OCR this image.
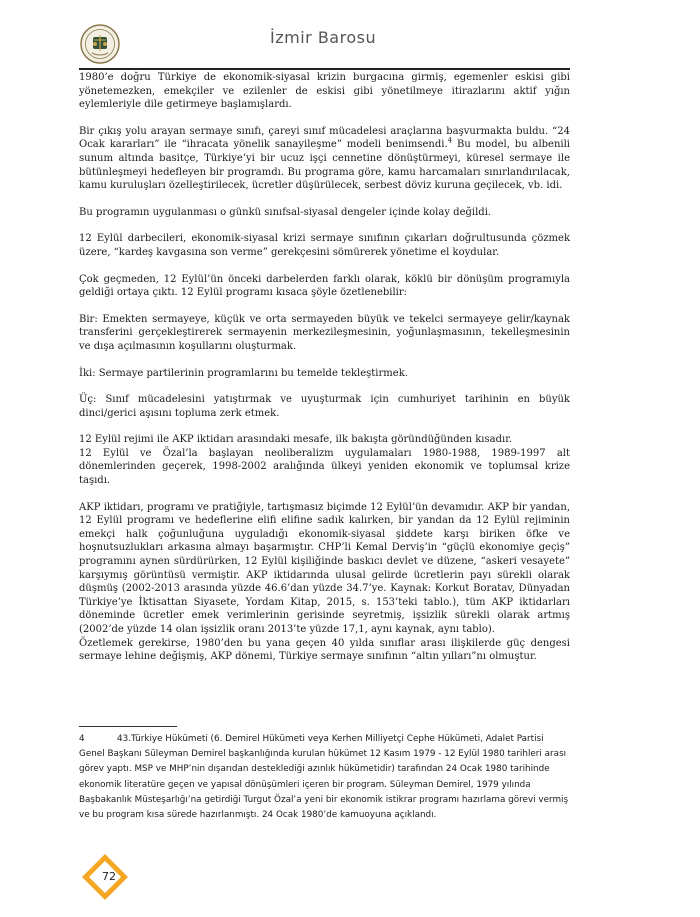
İzmir Barosu

1980’e doğru Türkiye de ekonomik-siyasal krizin burgacına girmiş, egemenler eskisi gibi yönetemezken, emekçiler ve ezilenler de eskisi gibi yönetilmeye itirazlarını aktif yığın eylemleriyle dile getirmeye başlamışlardı.

Bir çıkış yolu arayan sermaye sınıfı, çareyi sınıf mücadelesi araçlarına başvurmakta buldu. “24 Ocak kararları” ile “ihracata yönelik sanayileşme” modeli benimsendi.$^4$ Bu model, bu albenili sunum altında basitçe, Türkiye’yi bir ucuz işçi cennetine dönüştürmeyi, küresel sermaye ile bütünleşmeyi hedefleyen bir programdı. Bu programa göre, kamu harcamaları sınırlandırılacak, kamu kuruluşları özelleştirilecek, ücretler düşürülecek, serbest döviz kuruna geçilecek, vb. idi.

Bu programın uygulanması o günkü sınıfsal-siyasal dengeler içinde kolay değildi.

12 Eylül darbecileri, ekonomik-siyasal krizi sermaye sınıfının çıkarları doğrultusunda çözmek üzere, “kardeş kavgasına son verme” gerekçesini sömürerek yönetime el koydular.

Çok geçmeden, 12 Eylül’ün önceki darbelerden farklı olarak, köklü bir dönüşüm programıyla geldiği ortaya çıktı. 12 Eylül programı kısaca şöyle özetlenebilir:

Bir: Emekten sermayeye, küçük ve orta sermayeden büyük ve tekelci sermayeye gelir/kaynak transferini gerçekleştirerek sermayenin merkezileşmesinin, yoğunlaşmasının, tekelleşmesinin ve dışa açılmasının koşullarını oluşturmak.

İki: Sermaye partilerinin programlarını bu temelde tekleştirmek.

Üç: Sınıf mücadelesini yatıştırmak ve uyuşturmak için cumhuriyet tarihinin en büyük dinci/gerici aşısını topluma zerk etmek.

12 Eylül rejimi ile AKP iktidarı arasındaki mesafe, ilk bakışta göründüğünden kısadır.

12 Eylül ve Özal’la başlayan neoliberalizm uygulamaları 1980-1988, 1989-1997 alt dönemlerinden geçerek, 1998-2002 aralığında ülkeyi yeniden ekonomik ve toplumsal krize taşıdı.

AKP iktidarı, programı ve pratiğiyle, tartışmasız biçimde 12 Eylül’ün devamıdır. AKP bir yandan, 12 Eylül programı ve hedeflerine elifi elifine sadık kalırken, bir yandan da 12 Eylül rejiminin emekçi halk çoğunluğuna uyguladığı ekonomik-siyasal şiddete karşı biriken öfke ve hoşnutsuzlukları arkasına almayı başarmıştır. CHP’li Kemal Derviş’in “güçlü ekonomiye geçiş” programını aynen sürdürürken, 12 Eylül kişiliğinde baskıcı devlet ve düzene, “askeri vesayete” karşıymış görüntüsü vermiştir. AKP iktidarında ulusal gelirde ücretlerin payı sürekli olarak düşmüş (2002-2013 arasında yüzde 46.6’dan yüzde 34.7’ye. Kaynak: Korkut Boratav, Dünyadan Türkiye’ye İktisattan Siyasete, Yordam Kitap, 2015, s. 153’teki tablo.), tüm AKP iktidarları döneminde ücretler emek verimlerinin gerisinde seyretmiş, işsizlik sürekli olarak artmış (2002’de yüzde 14 olan işsizlik oranı 2013’te yüzde 17,1, aynı kaynak, aynı tablo).

Özetlemek gerekirse, 1980’den bu yana geçen 40 yılda sınıflar arası ilişkilerde güç dengesi sermaye lehine değişmiş, AKP dönemi, Türkiye sermaye sınıfının “altın yılları”nı olmuştur.

4	43.Türkiye Hükümeti (6. Demirel Hükümeti veya Kerhen Milliyetçi Cephe Hükümeti, Adalet Partisi Genel Başkanı Süleyman Demirel başkanlığında kurulan hükümet 12 Kasım 1979 - 12 Eylül 1980 tarihleri arası görev yaptı. MSP ve MHP’nin dışarıdan desteklediği azınlık hükümetidir) tarafından 24 Ocak 1980 tarihinde ekonomik literatüre geçen ve yapısal dönüşümleri içeren bir program. Süleyman Demirel, 1979 yılında Başbakanlık Müsteşarlığı’na getirdiği Turgut Özal’a yeni bir ekonomik istikrar programı hazırlama görevi vermiş ve bu program kısa sürede hazırlanmıştı. 24 Ocak 1980’de kamuoyuna açıklandı.
72
